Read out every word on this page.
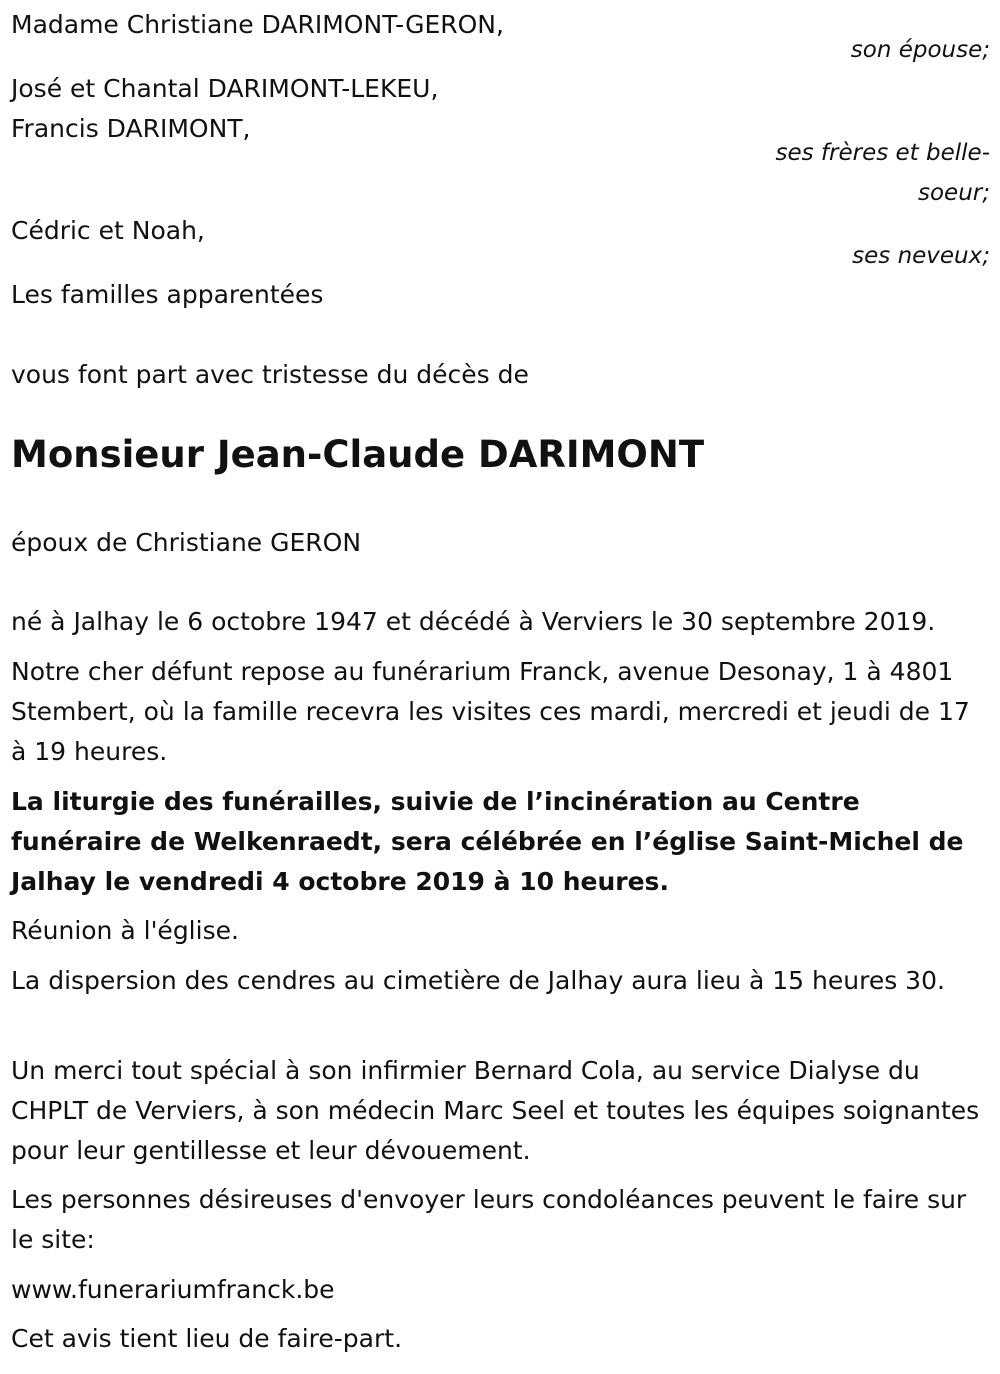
Madame Christiane DARIMONT-GERON,
son épouse;
José et Chantal DARIMONT-LEKEU,
Francis DARIMONT,
ses frères et belle-
soeur;
Cédric et Noah,
ses neveux;
Les familles apparentées
vous font part avec tristesse du décès de
Monsieur Jean-Claude DARIMONT
époux de Christiane GERON
né à Jalhay le 6 octobre 1947 et décédé à Verviers le 30 septembre 2019.
Notre cher défunt repose au funérarium Franck, avenue Desonay, 1 à 4801 Stembert, où la famille recevra les visites ces mardi, mercredi et jeudi de 17 à 19 heures.
La liturgie des funérailles, suivie de l’incinération au Centre funéraire de Welkenraedt, sera célébrée en l’église Saint-Michel de Jalhay le vendredi 4 octobre 2019 à 10 heures.
Réunion à l'église.
La dispersion des cendres au cimetière de Jalhay aura lieu à 15 heures 30.
Un merci tout spécial à son infirmier Bernard Cola, au service Dialyse du CHPLT de Verviers, à son médecin Marc Seel et toutes les équipes soignantes pour leur gentillesse et leur dévouement.
Les personnes désireuses d'envoyer leurs condoléances peuvent le faire sur le site:
www.funerariumfranck.be
Cet avis tient lieu de faire-part.
